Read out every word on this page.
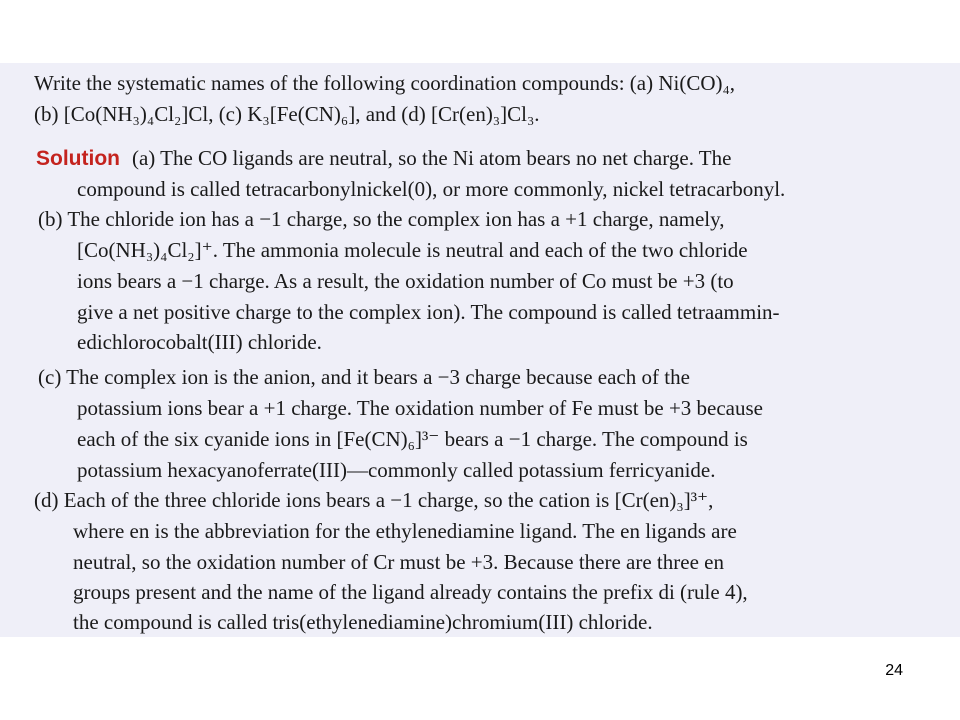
Write the systematic names of the following coordination compounds: (a) Ni(CO)₄,
(b) [Co(NH₃)₄Cl₂]Cl, (c) K₃[Fe(CN)₆], and (d) [Cr(en)₃]Cl₃.
Solution (a) The CO ligands are neutral, so the Ni atom bears no net charge. The
compound is called tetracarbonylnickel(0), or more commonly, nickel tetracarbonyl.
(b) The chloride ion has a −1 charge, so the complex ion has a +1 charge, namely,
[Co(NH₃)₄Cl₂]⁺. The ammonia molecule is neutral and each of the two chloride
ions bears a −1 charge. As a result, the oxidation number of Co must be +3 (to
give a net positive charge to the complex ion). The compound is called tetraammin-
edichlorocobalt(III) chloride.
(c) The complex ion is the anion, and it bears a −3 charge because each of the
potassium ions bear a +1 charge. The oxidation number of Fe must be +3 because
each of the six cyanide ions in [Fe(CN)₆]³⁻ bears a −1 charge. The compound is
potassium hexacyanoferrate(III)—commonly called potassium ferricyanide.
(d) Each of the three chloride ions bears a −1 charge, so the cation is [Cr(en)₃]³⁺,
where en is the abbreviation for the ethylenediamine ligand. The en ligands are
neutral, so the oxidation number of Cr must be +3. Because there are three en
groups present and the name of the ligand already contains the prefix di (rule 4),
the compound is called tris(ethylenediamine)chromium(III) chloride.
24
